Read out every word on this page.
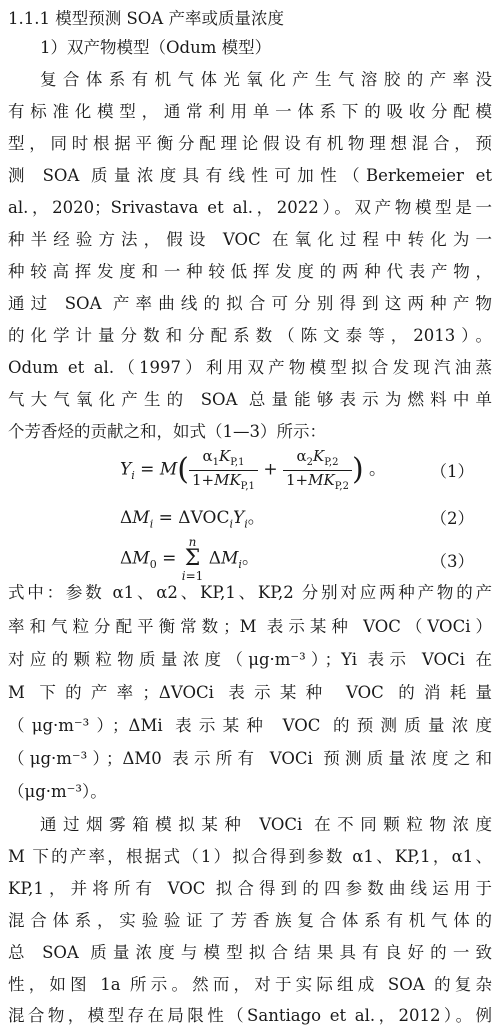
1.1.1 模型预测 SOA 产率或质量浓度
1）双产物模型（Odum 模型）
复合体系有机气体光氧化产生气溶胶的产率没
有标准化模型，通常利用单一体系下的吸收分配模
型，同时根据平衡分配理论假设有机物理想混合，预
测 SOA 质量浓度具有线性可加性（Berkemeier et
al.，2020；Srivastava et al.，2022）。双产物模型是一
种半经验方法，假设 VOC 在氧化过程中转化为一
种较高挥发度和一种较低挥发度的两种代表产物，
通过 SOA 产率曲线的拟合可分别得到这两种产物
的化学计量分数和分配系数（陈文泰等，2013）。
Odum et al.（1997）利用双产物模型拟合发现汽油蒸
气大气氧化产生的 SOA 总量能够表示为燃料中单
个芳香烃的贡献之和，如式（1—3）所示：
$Y_i = M( \frac{\alpha_1K_{P,1}}{1+MK_{P,1}} + \frac{\alpha_2K_{P,2}}{1+MK_{P,2}}$ ) 。	（1）
$\Delta M_i = \Delta VOC_iY_i$。	（2）
$\Delta M_0$ =
n
Σ
i=1
$\Delta M_i$。	（3）
式中：参数 α1、α2、KP,1、KP,2 分别对应两种产物的产
率和气粒分配平衡常数；M 表示某种 VOC（VOCi）
对应的颗粒物质量浓度（μg·m⁻³）；Yi 表示 VOCi 在
M 下的产率；ΔVOCi 表示某种 VOC 的消耗量
（μg·m⁻³）；ΔMi 表示某种 VOC 的预测质量浓度
（μg·m⁻³）；ΔM0 表示所有 VOCi 预测质量浓度之和
（μg·m⁻³）。
通过烟雾箱模拟某种 VOCi 在不同颗粒物浓度
M 下的产率，根据式（1）拟合得到参数 α1、KP,1，α1、
KP,1，并将所有 VOC 拟合得到的四参数曲线运用于
混合体系，实验验证了芳香族复合体系有机气体的
总 SOA 质量浓度与模型拟合结果具有良好的一致
性，如图 1a 所示。然而，对于实际组成 SOA 的复杂
混合物，模型存在局限性（Santiago et al.，2012）。例
